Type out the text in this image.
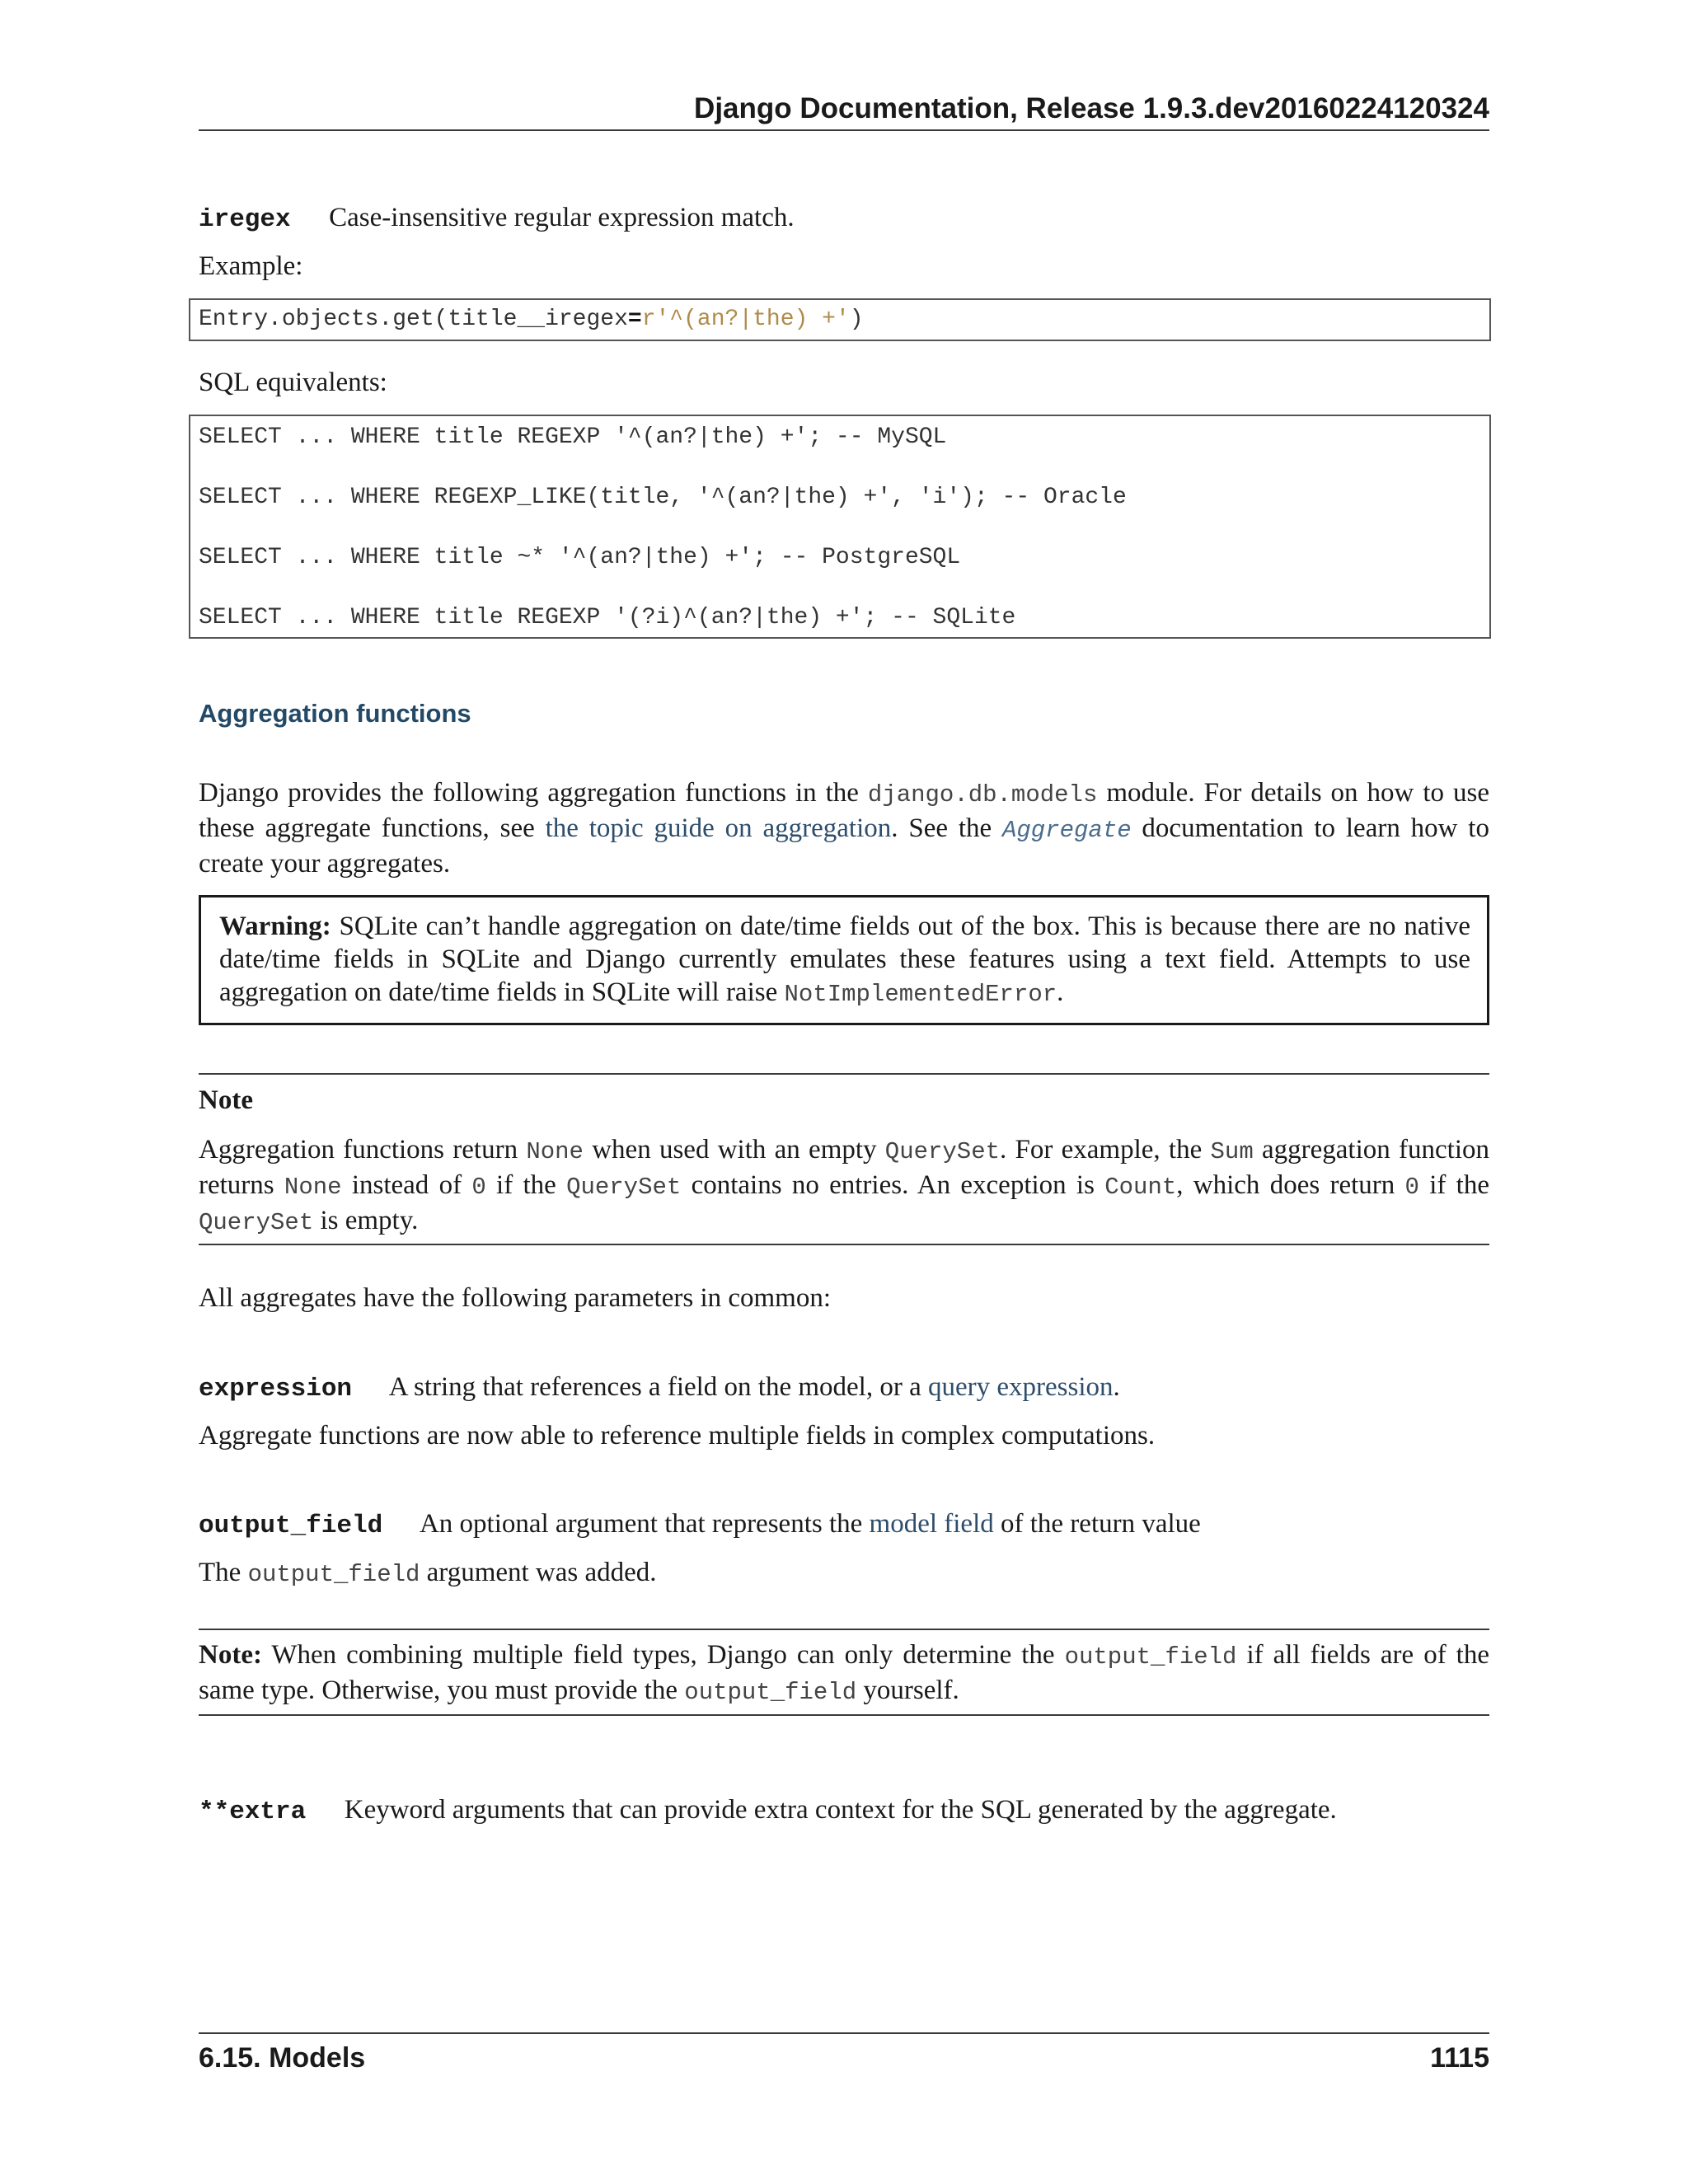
Django Documentation, Release 1.9.3.dev20160224120324
iregex Case-insensitive regular expression match.
Example:
Entry.objects.get(title__iregex=r'^(an?|the) +')
SQL equivalents:
SELECT ... WHERE title REGEXP '^(an?|the) +'; -- MySQL
SELECT ... WHERE REGEXP_LIKE(title, '^(an?|the) +', 'i'); -- Oracle
SELECT ... WHERE title ~* '^(an?|the) +'; -- PostgreSQL
SELECT ... WHERE title REGEXP '(?i)^(an?|the) +'; -- SQLite
Aggregation functions
Django provides the following aggregation functions in the django.db.models module. For details on how to use these aggregate functions, see the topic guide on aggregation. See the Aggregate documentation to learn how to create your aggregates.
Warning: SQLite can’t handle aggregation on date/time fields out of the box. This is because there are no native date/time fields in SQLite and Django currently emulates these features using a text field. Attempts to use aggregation on date/time fields in SQLite will raise NotImplementedError.
Note
Aggregation functions return None when used with an empty QuerySet. For example, the Sum aggregation function returns None instead of 0 if the QuerySet contains no entries. An exception is Count, which does return 0 if the QuerySet is empty.
All aggregates have the following parameters in common:
expression A string that references a field on the model, or a query expression.
Aggregate functions are now able to reference multiple fields in complex computations.
output_field An optional argument that represents the model field of the return value
The output_field argument was added.
Note: When combining multiple field types, Django can only determine the output_field if all fields are of the same type. Otherwise, you must provide the output_field yourself.
**extra Keyword arguments that can provide extra context for the SQL generated by the aggregate.
6.15. Models	1115
